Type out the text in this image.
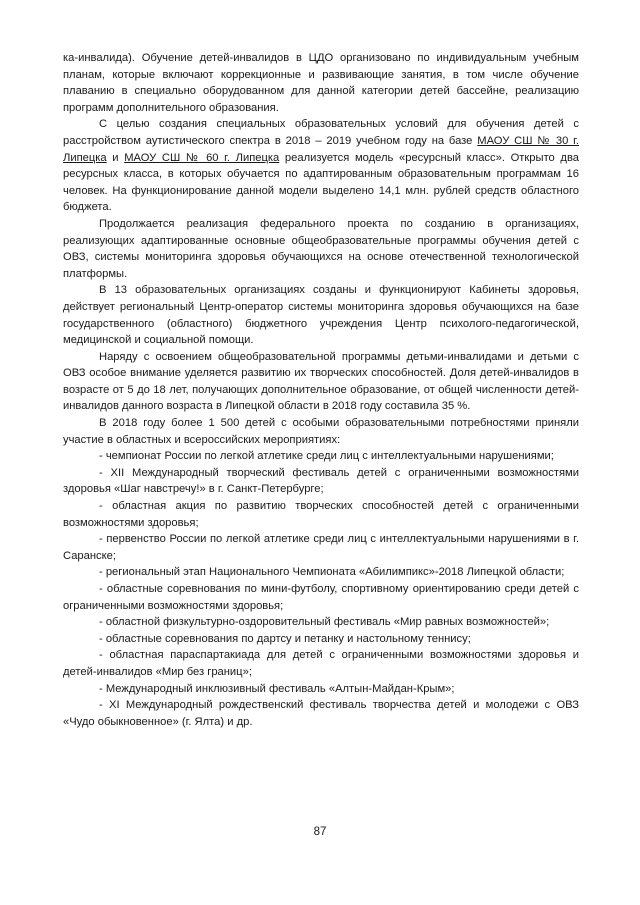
ка-инвалида). Обучение детей-инвалидов в ЦДО организовано по индивидуальным учебным планам, которые включают коррекционные и развивающие занятия, в том числе обучение плаванию в специально оборудованном для данной категории детей бассейне, реализацию программ дополнительного образования.

С целью создания специальных образовательных условий для обучения детей с расстройством аутистического спектра в 2018 – 2019 учебном году на базе МАОУ СШ № 30 г. Липецка и МАОУ СШ № 60 г. Липецка реализуется модель «ресурсный класс». Открыто два ресурсных класса, в которых обучается по адаптированным образовательным программам 16 человек. На функционирование данной модели выделено 14,1 млн. рублей средств областного бюджета.

Продолжается реализация федерального проекта по созданию в организациях, реализующих адаптированные основные общеобразовательные программы обучения детей с ОВЗ, системы мониторинга здоровья обучающихся на основе отечественной технологической платформы.

В 13 образовательных организациях созданы и функционируют Кабинеты здоровья, действует региональный Центр-оператор системы мониторинга здоровья обучающихся на базе государственного (областного) бюджетного учреждения Центр психолого-педагогической, медицинской и социальной помощи.

Наряду с освоением общеобразовательной программы детьми-инвалидами и детьми с ОВЗ особое внимание уделяется развитию их творческих способностей. Доля детей-инвалидов в возрасте от 5 до 18 лет, получающих дополнительное образование, от общей численности детей-инвалидов данного возраста в Липецкой области в 2018 году составила 35 %.

В 2018 году более 1 500 детей с особыми образовательными потребностями приняли участие в областных и всероссийских мероприятиях:

- чемпионат России по легкой атлетике среди лиц с интеллектуальными нарушениями;

- XII Международный творческий фестиваль детей с ограниченными возможностями здоровья «Шаг навстречу!» в г. Санкт-Петербурге;

- областная акция по развитию творческих способностей детей с ограниченными возможностями здоровья;

- первенство России по легкой атлетике среди лиц с интеллектуальными нарушениями в г. Саранске;

- региональный этап Национального Чемпионата «Абилимпикс»-2018 Липецкой области;

- областные соревнования по мини-футболу, спортивному ориентированию среди детей с ограниченными возможностями здоровья;

- областной физкультурно-оздоровительный фестиваль «Мир равных возможностей»;

- областные соревнования по дартсу и петанку и настольному теннису;

- областная параспартакиада для детей с ограниченными возможностями здоровья и детей-инвалидов «Мир без границ»;

- Международный инклюзивный фестиваль «Алтын-Майдан-Крым»;

- XI Международный рождественский фестиваль творчества детей и молодежи с ОВЗ «Чудо обыкновенное» (г. Ялта) и др.

87
